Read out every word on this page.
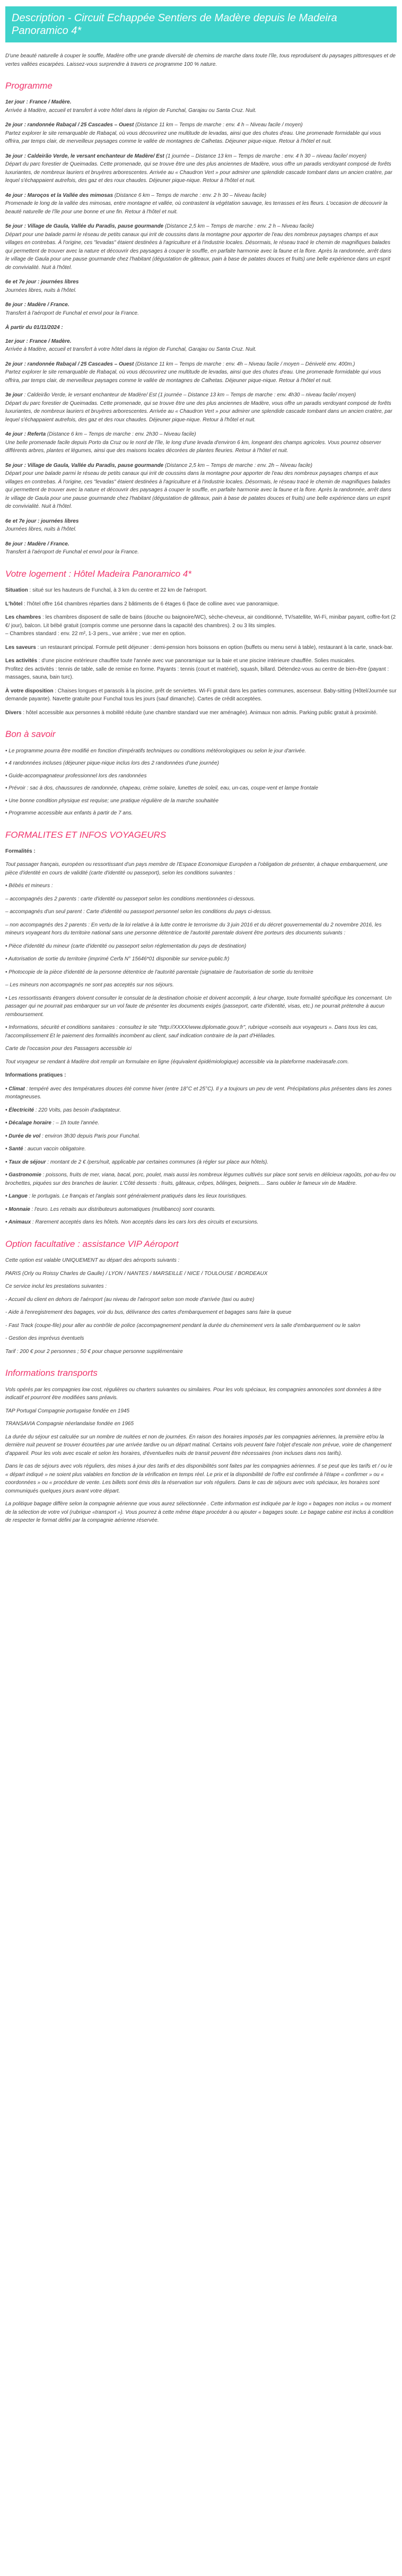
Description - Circuit Echappée Sentiers de Madère depuis le Madeira Panoramico 4*

D'une beauté naturelle à couper le souffle, Madère offre une grande diversité de chemins de marche dans toute l'île, tous reproduisent du paysages pittoresques et de vertes vallées escarpées. Laissez-vous surprendre à travers ce programme 100 % nature.

Programme
1er jour : France / Madère.
Arrivée à Madère, accueil et transfert à votre hôtel dans la région de Funchal, Garajau ou Santa Cruz. Nuit.
2e jour : randonnée Rabaçal / 25 Cascades – Ouest (Distance 11 km – Temps de marche : env. 4 h – Niveau facile / moyen)
Partez explorer le site remarquable de Rabaçal, où vous découvrirez une multitude de levadas, ainsi que des chutes d'eau. Une promenade formidable qui vous offrira, par temps clair, de merveilleux paysages comme le vallée de montagnes de Calhetas. Déjeuner pique-nique. Retour à l'hôtel et nuit.
3e jour : Caldeirão Verde, le versant enchanteur de Madère/ Est (1 journée – Distance 13 km – Temps de marche : env. 4 h 30 – niveau facile/ moyen)
Départ du parc forestier de Queimadas. Cette promenade, qui se trouve être une des plus anciennes de Madère, vous offre un paradis verdoyant composé de forêts luxuriantes, de nombreux lauriers et bruyères arborescentes. Arrivée au « Chaudron Vert » pour admirer une splendide cascade tombant dans un ancien cratère, par lequel s'échappaient autrefois, des gaz et des roux chaudes. Déjeuner pique-nique. Retour à l'hôtel et nuit.
4e jour : Maroços et la Vallée des mimosas (Distance 6 km – Temps de marche : env. 2 h 30 – Niveau facile)
Promenade le long de la vallée des mimosas, entre montagne et vallée, où contrastent la végétation sauvage, les terrasses et les fleurs. L'occasion de découvrir la beauté naturelle de l'île pour une bonne et une fin. Retour à l'hôtel et nuit.
5e jour : Village de Gaula, Vallée du Paradis, pause gourmande (Distance 2,5 km – Temps de marche : env. 2 h – Niveau facile)
Départ pour une balade parmi le réseau de petits canaux qui irrit de coussins dans la montagne pour apporter de l'eau des nombreux paysages champs et aux villages en contrebas. À l'origine, ces "levadas" étaient destinées à l'agriculture et à l'industrie locales. Désormais, le réseau tracé le chemin de magnifiques balades qui permettent de trouver avec la nature et découvrir des paysages à couper le souffle, en parfaite harmonie avec la faune et la flore. Après la randonnée, arrêt dans le village de Gaula pour une pause gourmande chez l'habitant (dégustation de gâteaux, pain à base de patates douces et fruits) une belle expérience dans un esprit de convivialité. Nuit à l'hôtel.
6e et 7e jour : journées libres
Journées libres, nuits à l'hôtel.
8e jour : Madère / France.
Transfert à l'aéroport de Funchal et envol pour la France.

À partir du 01/11/2024 :

1er jour : France / Madère.
Arrivée à Madère, accueil et transfert à votre hôtel dans la région de Funchal, Garajau ou Santa Cruz. Nuit.
2e jour : randonnée Rabaçal / 25 Cascades – Ouest (Distance 11 km – Temps de marche : env. 4h – Niveau facile / moyen – Dénivelé env. 400m.)
Partez explorer le site remarquable de Rabaçal, où vous découvrirez une multitude de levadas, ainsi que des chutes d'eau. Une promenade formidable qui vous offrira, par temps clair, de merveilleux paysages comme le vallée de montagnes de Calhetas. Déjeuner pique-nique. Retour à l'hôtel et nuit.
3e jour : Caldeirão Verde, le versant enchanteur de Madère/ Est (1 journée – Distance 13 km – Temps de marche : env. 4h30 – niveau facile/ moyen)
Départ du parc forestier de Queimadas. Cette promenade, qui se trouve être une des plus anciennes de Madère, vous offre un paradis verdoyant composé de forêts luxuriantes, de nombreux lauriers et bruyères arborescentes. Arrivée au « Chaudron Vert » pour admirer une splendide cascade tombant dans un ancien cratère, par lequel s'échappaient autrefois, des gaz et des roux chaudes. Déjeuner pique-nique. Retour à l'hôtel et nuit.
4e jour : Referta (Distance 6 km – Temps de marche : env. 2h30 – Niveau facile)
Une belle promenade facile depuis Porto da Cruz ou le nord de l'île, le long d'une levada d'environ 6 km, longeant des champs agricoles. Vous pourrez observer différents arbres, plantes et légumes, ainsi que des maisons locales décorées de plantes fleuries. Retour à l'hôtel et nuit.
5e jour : Village de Gaula, Vallée du Paradis, pause gourmande (Distance 2,5 km – Temps de marche : env. 2h – Niveau facile)
Départ pour une balade parmi le réseau de petits canaux qui irrit de coussins dans la montagne pour apporter de l'eau des nombreux paysages champs et aux villages en contrebas. À l'origine, ces "levadas" étaient destinées à l'agriculture et à l'industrie locales. Désormais, le réseau tracé le chemin de magnifiques balades qui permettent de trouver avec la nature et découvrir des paysages à couper le souffle, en parfaite harmonie avec la faune et la flore. Après la randonnée, arrêt dans le village de Gaula pour une pause gourmande chez l'habitant (dégustation de gâteaux, pain à base de patates douces et fruits) une belle expérience dans un esprit de convivialité. Nuit à l'hôtel.
6e et 7e jour : journées libres
Journées libres, nuits à l'hôtel.
8e jour : Madère / France.
Transfert à l'aéroport de Funchal et envol pour la France.
Votre logement : Hôtel Madeira Panoramico 4*

Situation : situé sur les hauteurs de Funchal, à 3 km du centre et 22 km de l'aéroport.

L'hôtel : l'hôtel offre 164 chambres réparties dans 2 bâtiments de 6 étages 6 (face de colline avec vue panoramique.

Les chambres : les chambres disposent de salle de bains (douche ou baignoire/WC), sèche-cheveux, air conditionné, TV/satellite, Wi-Fi, minibar payant, coffre-fort (2 €/ jour), balcon. Lit bébé gratuit (compris comme une personne dans la capacité des chambres). 2 ou 3 lits simples.
– Chambres standard : env. 22 m², 1-3 pers., vue arrière ; vue mer en option.

Les saveurs : un restaurant principal. Formule petit déjeuner : demi-pension hors boissons en option (buffets ou menu servi à table), restaurant à la carte, snack-bar.

Les activités : d'une piscine extérieure chauffée toute l'année avec vue panoramique sur la baie et une piscine intérieure chauffée. Solies musicales.
Profitez des activités : tennis de table, salle de remise en forme. Payants : tennis (court et matériel), squash, billard. Détendez-vous au centre de bien-être (payant : massages, sauna, bain turc).

À votre disposition : Chaises longues et parasols à la piscine, prêt de serviettes. Wi-Fi gratuit dans les parties communes, ascenseur. Baby-sitting (Hôtel/Journée sur demande payante). Navette gratuite pour Funchal tous les jours (sauf dimanche). Cartes de crédit acceptées.

Divers : hôtel accessible aux personnes à mobilité réduite (une chambre standard vue mer aménagée). Animaux non admis. Parking public gratuit à proximité.

Bon à savoir

• Le programme pourra être modifié en fonction d'impératifs techniques ou conditions météorologiques ou selon le jour d'arrivée.

• 4 randonnées incluses (déjeuner pique-nique inclus lors des 2 randonnées d'une journée)

• Guide-accompagnateur professionnel lors des randonnées

• Prévoir : sac à dos, chaussures de randonnée, chapeau, crème solaire, lunettes de soleil, eau, un-cas, coupe-vent et lampe frontale

• Une bonne condition physique est requise; une pratique régulière de la marche souhaitée

• Programme accessible aux enfants à partir de 7 ans.

FORMALITES ET INFOS VOYAGEURS

Formalités :

Tout passager français, européen ou ressortissant d'un pays membre de l'Espace Economique Européen a l'obligation de présenter, à chaque embarquement, une pièce d'identité en cours de validité (carte d'identité ou passeport), selon les conditions suivantes :

• Bébés et mineurs :

– accompagnés des 2 parents : carte d'identité ou passeport selon les conditions mentionnées ci-dessous.

– accompagnés d'un seul parent : Carte d'identité ou passeport personnel selon les conditions du pays ci-dessus.

– non accompagnés des 2 parents : En vertu de la loi relative à la lutte contre le terrorisme du 3 juin 2016 et du décret gouvernemental du 2 novembre 2016, les mineurs voyageant hors du territoire national sans une personne détentrice de l'autorité parentale doivent être porteurs des documents suivants :

• Pièce d'identité du mineur (carte d'identité ou passeport selon réglementation du pays de destination)

• Autorisation de sortie du territoire (imprimé Cerfa N° 15646*01 disponible sur service-public.fr)

• Photocopie de la pièce d'identité de la personne détentrice de l'autorité parentale (signataire de l'autorisation de sortie du territoire

– Les mineurs non accompagnés ne sont pas acceptés sur nos séjours.

• Les ressortissants étrangers doivent consulter le consulat de la destination choisie et doivent accomplir, à leur charge, toute formalité spécifique les concernant. Un passager qui ne pourrait pas embarquer sur un vol faute de présenter les documents exigés (passeport, carte d'identité, visas, etc.) ne pourrait prétendre à aucun remboursement.

• Informations, sécurité et conditions sanitaires : consultez le site "http://XXXX/www.diplomatie.gouv.fr", rubrique «conseils aux voyageurs ». Dans tous les cas, l'accomplissement Et le paiement des formalités incombent au client, sauf indication contraire de la part d'Héliades.

Carte de l'occasion pour des Passagers accessible ici

Tout voyageur se rendant à Madère doit remplir un formulaire en ligne (équivalent épidémiologique) accessible via la plateforme madeirasafe.com.

Informations pratiques :

• Climat : tempéré avec des températures douces été comme hiver (entre 18°C et 25°C). Il y a toujours un peu de vent. Précipitations plus présentes dans les zones montagneuses.

• Électricité : 220 Volts, pas besoin d'adaptateur.

• Décalage horaire : – 1h toute l'année.

• Durée de vol : environ 3h30 depuis Paris pour Funchal.

• Santé : aucun vaccin obligatoire.

• Taux de séjour : montant de 2 € /pers/nuit, applicable par certaines communes (à régler sur place aux hôtels).

• Gastronomie : poissons, fruits de mer, viana, bacal, porc, poulet, mais aussi les nombreux légumes cultivés sur place sont servis en délicieux ragoûts, pot-au-feu ou brochettes, piquées sur des branches de laurier. L'Côté desserts : fruits, gâteaux, crêpes, bôlinges, beignets.... Sans oublier le fameux vin de Madère.

• Langue : le portugais. Le français et l'anglais sont généralement pratiqués dans les lieux touristiques.

• Monnaie : l'euro. Les retraits aux distributeurs automatiques (multibanco) sont courants.

• Animaux : Rarement acceptés dans les hôtels. Non acceptés dans les cars lors des circuits et excursions.

Option facultative : assistance VIP Aéroport

Cette option est valable UNIQUEMENT au départ des aéroports suivants :

PARIS (Orly ou Roissy Charles de Gaulle) / LYON / NANTES / MARSEILLE / NICE / TOULOUSE / BORDEAUX

Ce service inclut les prestations suivantes :

- Accueil du client en dehors de l'aéroport (au niveau de l'aéroport selon son mode d'arrivée (taxi ou autre)

- Aide à l'enregistrement des bagages, voir du bus, délivrance des cartes d'embarquement et bagages sans faire la queue

- Fast Track (coupe-file) pour aller au contrôle de police (accompagnement pendant la durée du cheminement vers la salle d'embarquement ou le salon

- Gestion des imprévus éventuels

Tarif : 200 € pour 2 personnes ; 50 € pour chaque personne supplémentaire

Informations transports

Vols opérés par les compagnies low cost, régulières ou charters suivantes ou similaires. Pour les vols spéciaux, les compagnies annoncées sont données à titre indicatif et pourront être modifiées sans préavis.

TAP Portugal Compagnie portugaise fondée en 1945

TRANSAVIA Compagnie néerlandaise fondée en 1965

La durée du séjour est calculée sur un nombre de nuitées et non de journées. En raison des horaires imposés par les compagnies aériennes, la première et/ou la dernière nuit peuvent se trouver écourtées par une arrivée tardive ou un départ matinal. Certains vols peuvent faire l'objet d'escale non prévue, voire de changement d'appareil. Pour les vols avec escale et selon les horaires, d'éventuelles nuits de transit peuvent être nécessaires (non incluses dans nos tarifs).

Dans le cas de séjours avec vols réguliers, des mises à jour des tarifs et des disponibilités sont faites par les compagnies aériennes. Il se peut que les tarifs et / ou le « départ indiqué » ne soient plus valables en fonction de la vérification en temps réel. Le prix et la disponibilité de l'offre est confirmée à l'étape « confirmer » ou « coordonnées » ou « procédure de vente. Les billets sont émis dès la réservation sur vols réguliers. Dans le cas de séjours avec vols spéciaux, les horaires sont communiqués quelques jours avant votre départ.

La politique bagage diffère selon la compagnie aérienne que vous aurez sélectionnée . Cette information est indiquée par le logo « bagages non inclus » ou moment de la sélection de votre vol (rubrique «transport »). Vous pourrez à cette même étape procéder à ou ajouter « bagages soute. Le bagage cabine est inclus à condition de respecter le format défini par la compagnie aérienne réservée.
